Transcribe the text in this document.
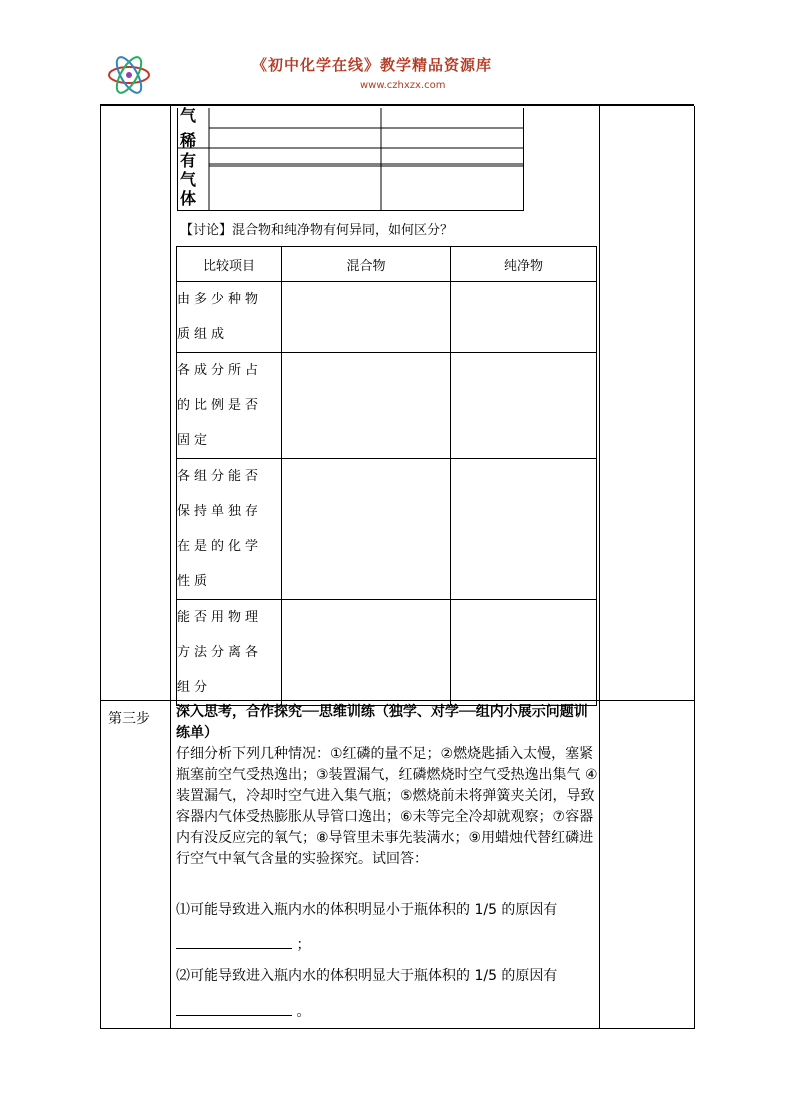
《初中化学在线》教学精品资源库
www.czhxzx.com
气
稀
有
气
体
【讨论】混合物和纯净物有何异同，如何区分？
比较项目	混合物	纯净物

由多少种物
质组成		

各成分所占
的比例是否
固定		

各组分能否
保持单独存
在是的化学
性质		

能否用物理
方法分离各
组分		

第三步 深入思考，合作探究──思维训练（独学、对学──组内小展示问题训练单）
仔细分析下列几种情况：①红磷的量不足；②燃烧匙插入太慢，塞紧瓶塞前空气受热逸出；③装置漏气，红磷燃烧时空气受热逸出集气 ④装置漏气，冷却时空气进入集气瓶；⑤燃烧前未将弹簧夹关闭，导致容器内气体受热膨胀从导管口逸出；⑥未等完全冷却就观察；⑦容器内有没反应完的氧气；⑧导管里未事先装满水；⑨用蜡烛代替红磷进行空气中氧气含量的实验探究。试回答：
⑴可能导致进入瓶内水的体积明显小于瓶体积的 1/5 的原因有
；
⑵可能导致进入瓶内水的体积明显大于瓶体积的 1/5 的原因有
。
